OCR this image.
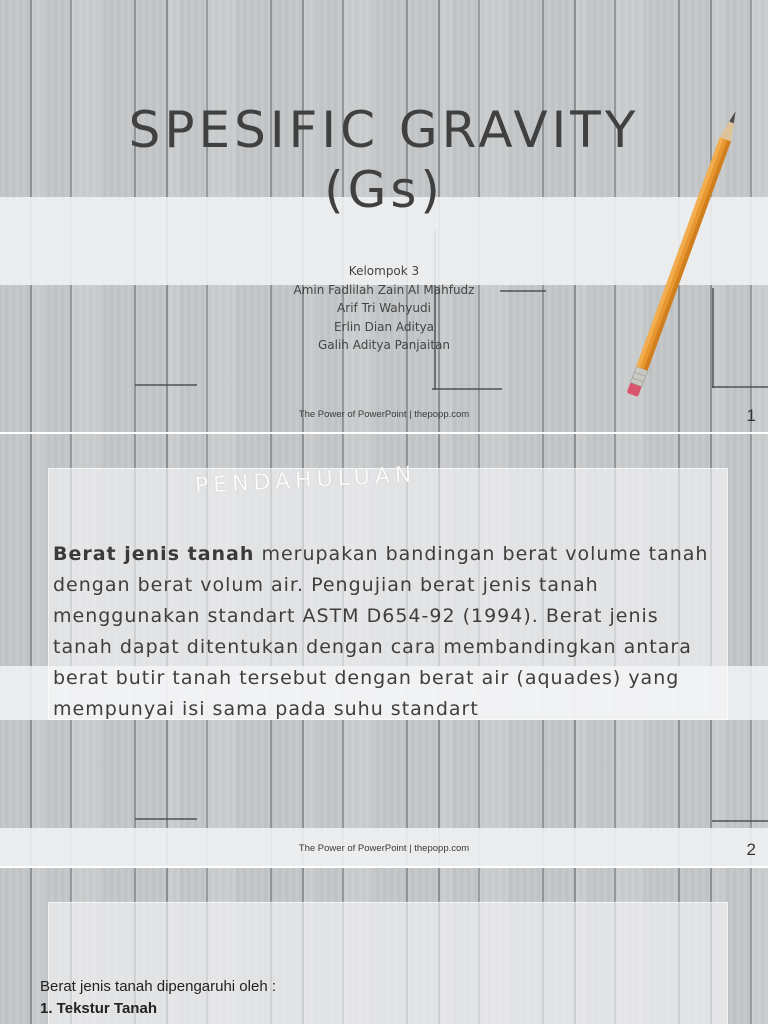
SPESIFIC GRAVITY
(Gs)
Kelompok 3
Amin Fadlilah Zain Al Mahfudz
Arif Tri Wahyudi
Erlin Dian Aditya
Galih Aditya Panjaitan
The Power of PowerPoint | thepopp.com	1
PENDAHULUAN
Berat jenis tanah merupakan bandingan berat volume tanah dengan berat volum air. Pengujian berat jenis tanah menggunakan standart ASTM D654-92 (1994). Berat jenis tanah dapat ditentukan dengan cara membandingkan antara berat butir tanah tersebut dengan berat air (aquades) yang mempunyai isi sama pada suhu standart
The Power of PowerPoint | thepopp.com	2
Berat jenis tanah dipengaruhi oleh :
1. Tekstur Tanah
